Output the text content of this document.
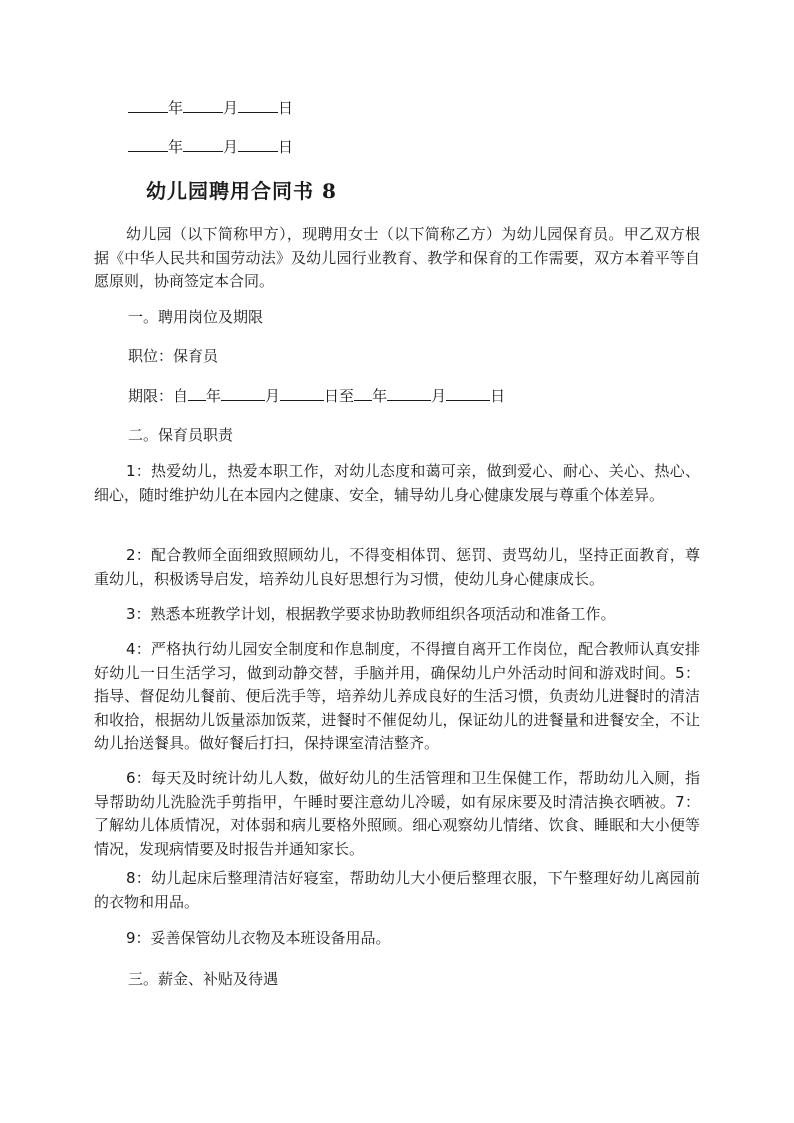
年	月	日
年	月	日
幼儿园聘用合同书 8

幼儿园（以下简称甲方），现聘用女士（以下简称乙方）为幼儿园保育员。甲乙双方根据《中华人民共和国劳动法》及幼儿园行业教育、教学和保育的工作需要，双方本着平等自愿原则，协商签定本合同。

一。聘用岗位及期限
职位：保育员
期限：自 年	月	日至 年	月	日
二。保育员职责

1：热爱幼儿，热爱本职工作，对幼儿态度和蔼可亲，做到爱心、耐心、关心、热心、细心，随时维护幼儿在本园内之健康、安全，辅导幼儿身心健康发展与尊重个体差异。

2：配合教师全面细致照顾幼儿，不得变相体罚、惩罚、责骂幼儿，坚持正面教育，尊重幼儿，积极诱导启发，培养幼儿良好思想行为习惯，使幼儿身心健康成长。

3：熟悉本班教学计划，根据教学要求协助教师组织各项活动和准备工作。

4：严格执行幼儿园安全制度和作息制度，不得擅自离开工作岗位，配合教师认真安排好幼儿一日生活学习，做到动静交替，手脑并用，确保幼儿户外活动时间和游戏时间。5：指导、督促幼儿餐前、便后洗手等，培养幼儿养成良好的生活习惯，负责幼儿进餐时的清洁和收拾，根据幼儿饭量添加饭菜，进餐时不催促幼儿，保证幼儿的进餐量和进餐安全，不让幼儿抬送餐具。做好餐后打扫，保持课室清洁整齐。

6：每天及时统计幼儿人数，做好幼儿的生活管理和卫生保健工作，帮助幼儿入厕，指导帮助幼儿洗脸洗手剪指甲，午睡时要注意幼儿冷暖，如有尿床要及时清洁换衣晒被。7：了解幼儿体质情况，对体弱和病儿要格外照顾。细心观察幼儿情绪、饮食、睡眠和大小便等情况，发现病情要及时报告并通知家长。

8：幼儿起床后整理清洁好寝室，帮助幼儿大小便后整理衣服，下午整理好幼儿离园前的衣物和用品。

9：妥善保管幼儿衣物及本班设备用品。

三。薪金、补贴及待遇
